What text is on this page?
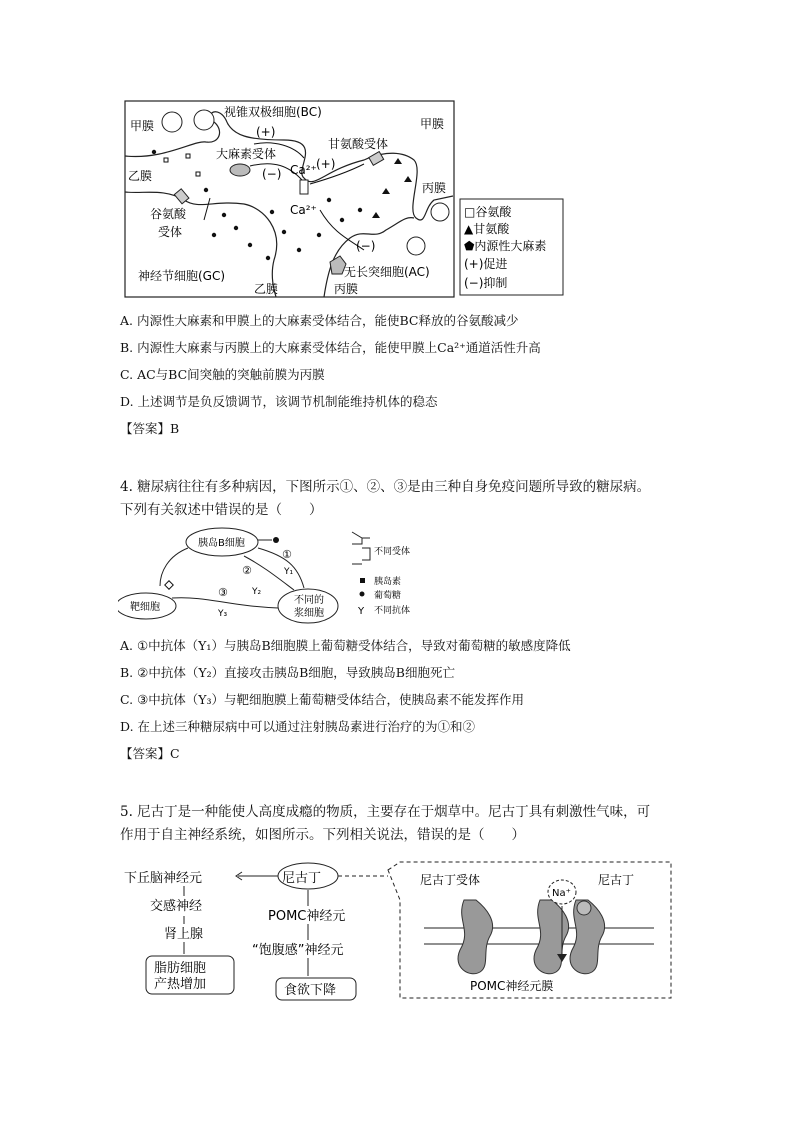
视锥双极细胞(BC)
甲膜	甲膜
(+)
大麻素受体
(−) Ca²⁺ (+)
甘氨酸受体
乙膜
谷氨酸
受体
Ca²⁺
丙膜
(−)
神经节细胞(GC)	无长突细胞(AC)
乙膜	丙膜
□谷氨酸
▲甘氨酸
⬟内源性大麻素
(+)促进
(−)抑制
A. 内源性大麻素和甲膜上的大麻素受体结合，能使BC释放的谷氨酸减少
B. 内源性大麻素与丙膜上的大麻素受体结合，能使甲膜上Ca²⁺通道活性升高
C. AC与BC间突触的突触前膜为丙膜
D. 上述调节是负反馈调节，该调节机制能维持机体的稳态
【答案】B
4. 糖尿病往往有多种病因，下图所示①、②、③是由三种自身免疫问题所导致的糖尿病。
下列有关叙述中错误的是（　　）
胰岛B细胞
靶细胞
不同的
浆细胞
①
②
③
Y₁
Y₂
Y₃
不同受体
胰岛素
葡萄糖
Y 不同抗体
A. ①中抗体（Y₁）与胰岛B细胞膜上葡萄糖受体结合，导致对葡萄糖的敏感度降低
B. ②中抗体（Y₂）直接攻击胰岛B细胞，导致胰岛B细胞死亡
C. ③中抗体（Y₃）与靶细胞膜上葡萄糖受体结合，使胰岛素不能发挥作用
D. 在上述三种糖尿病中可以通过注射胰岛素进行治疗的为①和②
【答案】C
5. 尼古丁是一种能使人高度成瘾的物质，主要存在于烟草中。尼古丁具有刺激性气味，可
作用于自主神经系统，如图所示。下列相关说法，错误的是（　　）
下丘脑神经元
交感神经
肾上腺
脂肪细胞
产热增加
尼古丁
POMC神经元
“饱腹感”神经元
食欲下降
尼古丁受体
Na⁺
尼古丁
POMC神经元膜
